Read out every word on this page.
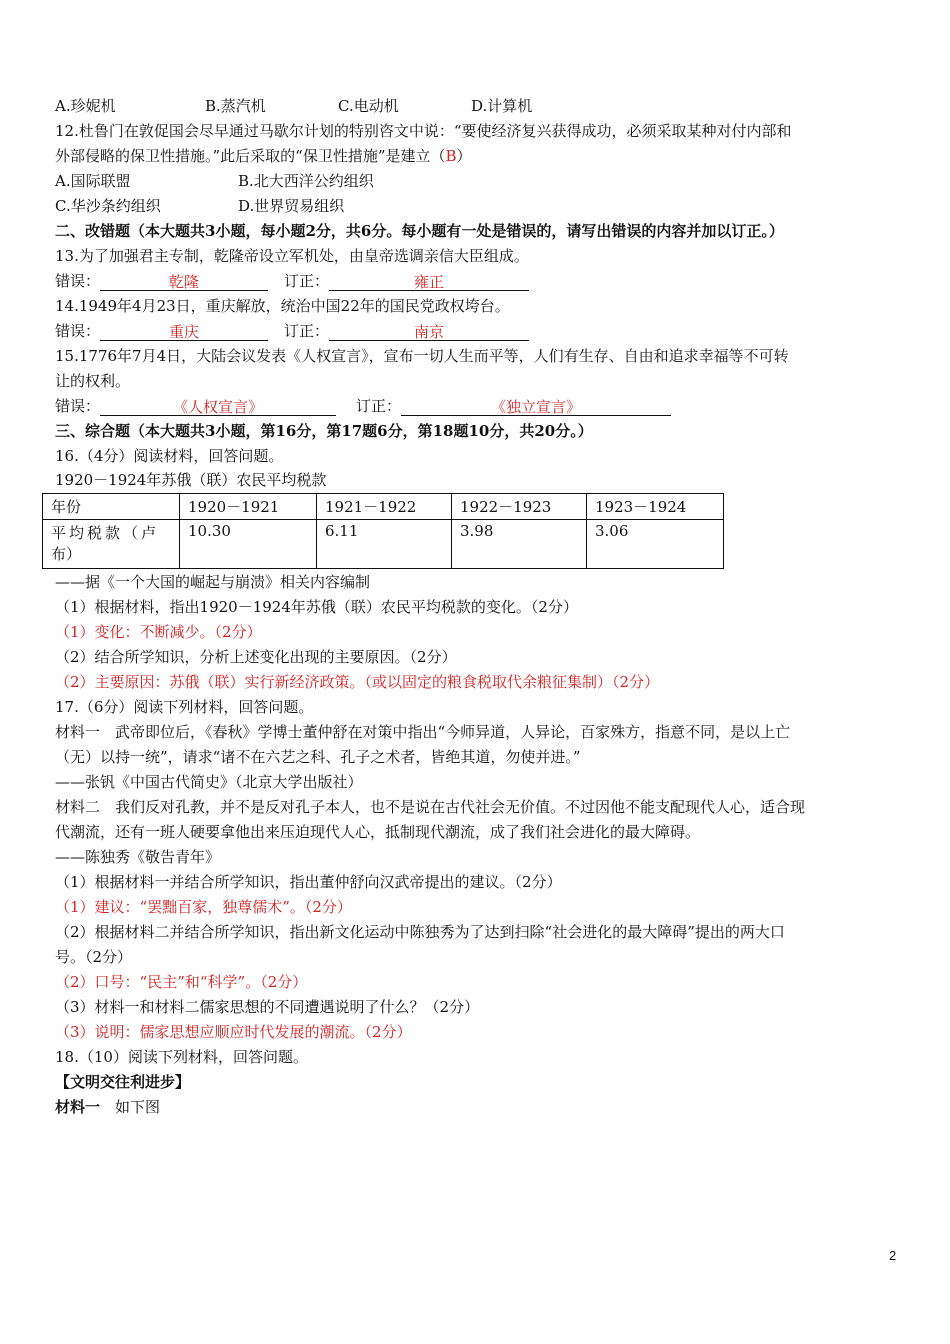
A.珍妮机	B.蒸汽机	C.电动机	D.计算机
12.杜鲁门在敦促国会尽早通过马歇尔计划的特别咨文中说：“要使经济复兴获得成功，必须采取某种对付内部和
外部侵略的保卫性措施。”此后采取的“保卫性措施”是建立（B）
A.国际联盟	B.北大西洋公约组织
C.华沙条约组织	D.世界贸易组织
二、改错题（本大题共3小题，每小题2分，共6分。每小题有一处是错误的，请写出错误的内容并加以订正。）
13.为了加强君主专制，乾隆帝设立军机处，由皇帝选调亲信大臣组成。
错误：	乾隆	订正：	雍正
14.1949年4月23日，重庆解放，统治中国22年的国民党政权垮台。
错误：	重庆	订正：	南京
15.1776年7月4日，大陆会议发表《人权宣言》，宣布一切人生而平等，人们有生存、自由和追求幸福等不可转
让的权利。
错误：	《人权宣言》	订正：	《独立宣言》
三、综合题（本大题共3小题，第16分，第17题6分，第18题10分，共20分。）
16.（4分）阅读材料，回答问题。
1920－1924年苏俄（联）农民平均税款
年份	1920－1921	1921－1922	1922－1923	1923－1924

平均税款（卢
布）	10.30	6.11	3.98	3.06
——据《一个大国的崛起与崩溃》相关内容编制
（1）根据材料，指出1920－1924年苏俄（联）农民平均税款的变化。（2分）
（1）变化：不断减少。（2分）
（2）结合所学知识，分析上述变化出现的主要原因。（2分）
（2）主要原因：苏俄（联）实行新经济政策。（或以固定的粮食税取代余粮征集制）（2分）
17.（6分）阅读下列材料，回答问题。
材料一　武帝即位后，《春秋》学博士董仲舒在对策中指出“今师异道，人异论，百家殊方，指意不同，是以上亡
（无）以持一统”，请求“诸不在六艺之科、孔子之术者，皆绝其道，勿使并进。”
——张钒《中国古代简史》（北京大学出版社）
材料二　我们反对孔教，并不是反对孔子本人，也不是说在古代社会无价值。不过因他不能支配现代人心，适合现
代潮流，还有一班人硬要拿他出来压迫现代人心，抵制现代潮流，成了我们社会进化的最大障碍。
——陈独秀《敬告青年》
（1）根据材料一并结合所学知识，指出董仲舒向汉武帝提出的建议。（2分）
（1）建议：“罢黜百家，独尊儒术”。（2分）
（2）根据材料二并结合所学知识，指出新文化运动中陈独秀为了达到扫除“社会进化的最大障碍”提出的两大口
号。（2分）
（2）口号：“民主”和“科学”。（2分）
（3）材料一和材料二儒家思想的不同遭遇说明了什么？（2分）
（3）说明：儒家思想应顺应时代发展的潮流。（2分）
18.（10）阅读下列材料，回答问题。
【文明交往利进步】
材料一　如下图
2
